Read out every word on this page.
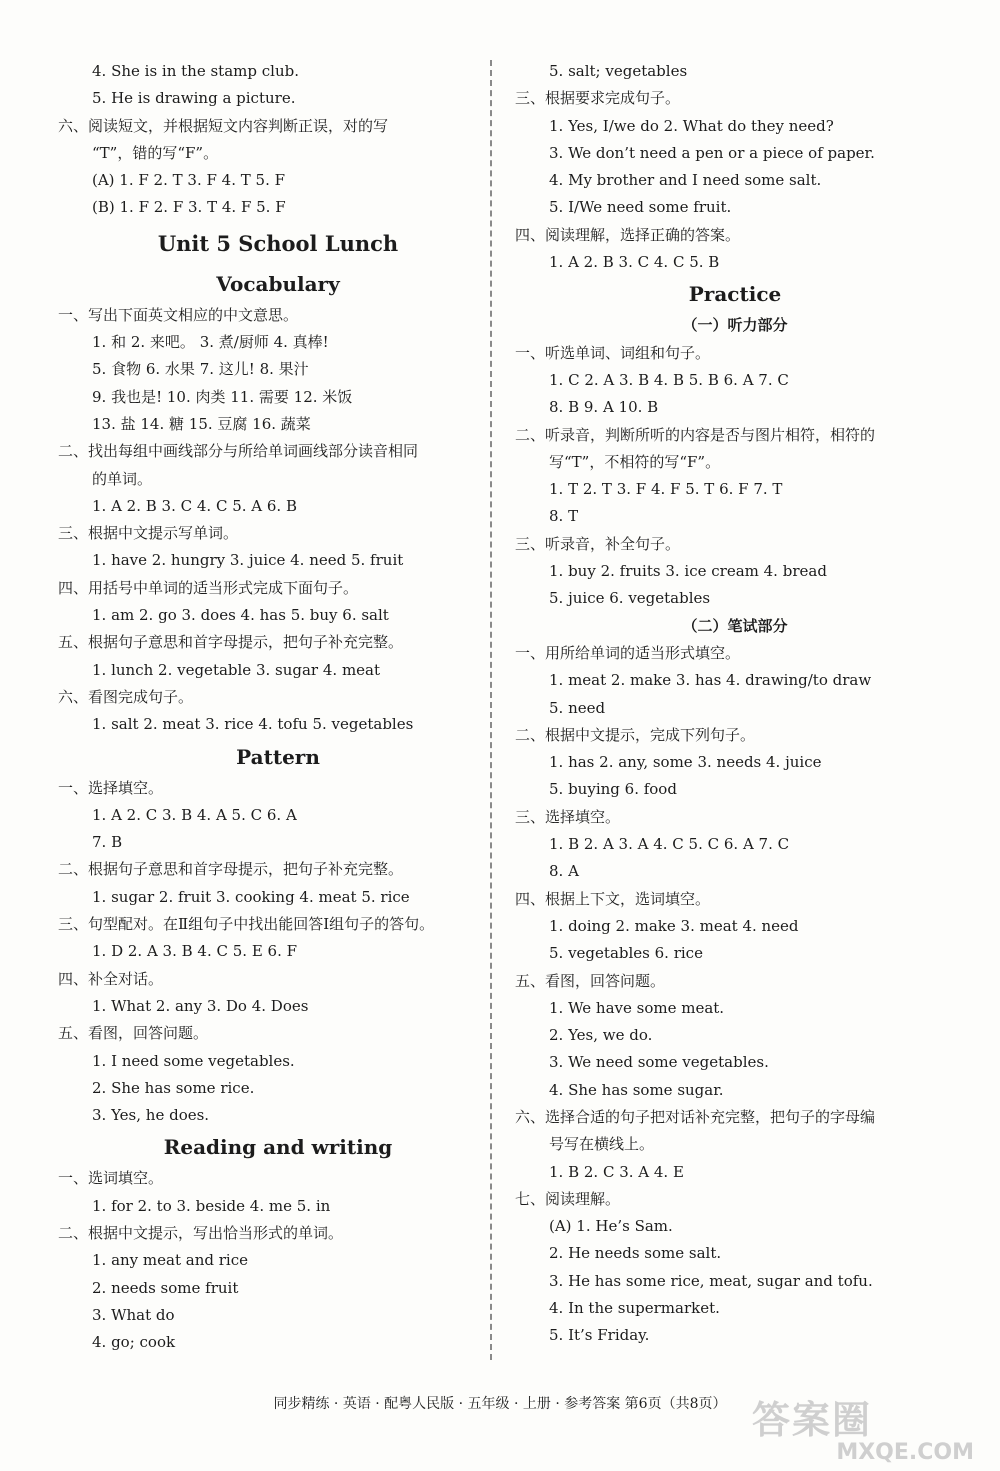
4. She is in the stamp club.
5. He is drawing a picture.
六、阅读短文，并根据短文内容判断正误，对的写
“T”，错的写“F”。
(A) 1. F 2. T 3. F 4. T 5. F
(B) 1. F 2. F 3. T 4. F 5. F
Unit 5 School Lunch
Vocabulary
一、写出下面英文相应的中文意思。
1. 和 2. 来吧。 3. 煮/厨师 4. 真棒!
5. 食物 6. 水果 7. 这儿! 8. 果汁
9. 我也是! 10. 肉类 11. 需要 12. 米饭
13. 盐 14. 糖 15. 豆腐 16. 蔬菜
二、找出每组中画线部分与所给单词画线部分读音相同
的单词。
1. A 2. B 3. C 4. C 5. A 6. B
三、根据中文提示写单词。
1. have 2. hungry 3. juice 4. need 5. fruit
四、用括号中单词的适当形式完成下面句子。
1. am 2. go 3. does 4. has 5. buy 6. salt
五、根据句子意思和首字母提示，把句子补充完整。
1. lunch 2. vegetable 3. sugar 4. meat
六、看图完成句子。
1. salt 2. meat 3. rice 4. tofu 5. vegetables
Pattern
一、选择填空。
1. A 2. C 3. B 4. A 5. C 6. A
7. B
二、根据句子意思和首字母提示，把句子补充完整。
1. sugar 2. fruit 3. cooking 4. meat 5. rice
三、句型配对。在Ⅱ组句子中找出能回答Ⅰ组句子的答句。
1. D 2. A 3. B 4. C 5. E 6. F
四、补全对话。
1. What 2. any 3. Do 4. Does
五、看图，回答问题。
1. I need some vegetables.
2. She has some rice.
3. Yes, he does.
Reading and writing
一、选词填空。
1. for 2. to 3. beside 4. me 5. in
二、根据中文提示，写出恰当形式的单词。
1. any meat and rice
2. needs some fruit
3. What do
4. go; cook
5. salt; vegetables
三、根据要求完成句子。
1. Yes, I/we do 2. What do they need?
3. We don’t need a pen or a piece of paper.
4. My brother and I need some salt.
5. I/We need some fruit.
四、阅读理解，选择正确的答案。
1. A 2. B 3. C 4. C 5. B
Practice
（一）听力部分
一、听选单词、词组和句子。
1. C 2. A 3. B 4. B 5. B 6. A 7. C
8. B 9. A 10. B
二、听录音，判断所听的内容是否与图片相符，相符的
写“T”，不相符的写“F”。
1. T 2. T 3. F 4. F 5. T 6. F 7. T
8. T
三、听录音，补全句子。
1. buy 2. fruits 3. ice cream 4. bread
5. juice 6. vegetables
（二）笔试部分
一、用所给单词的适当形式填空。
1. meat 2. make 3. has 4. drawing/to draw
5. need
二、根据中文提示，完成下列句子。
1. has 2. any, some 3. needs 4. juice
5. buying 6. food
三、选择填空。
1. B 2. A 3. A 4. C 5. C 6. A 7. C
8. A
四、根据上下文，选词填空。
1. doing 2. make 3. meat 4. need
5. vegetables 6. rice
五、看图，回答问题。
1. We have some meat.
2. Yes, we do.
3. We need some vegetables.
4. She has some sugar.
六、选择合适的句子把对话补充完整，把句子的字母编
号写在横线上。
1. B 2. C 3. A 4. E
七、阅读理解。
(A) 1. He’s Sam.
2. He needs some salt.
3. He has some rice, meat, sugar and tofu.
4. In the supermarket.
5. It’s Friday.
同步精练 · 英语 · 配粤人民版 · 五年级 · 上册 · 参考答案 第6页（共8页） 答案圈
MXQE.COM
